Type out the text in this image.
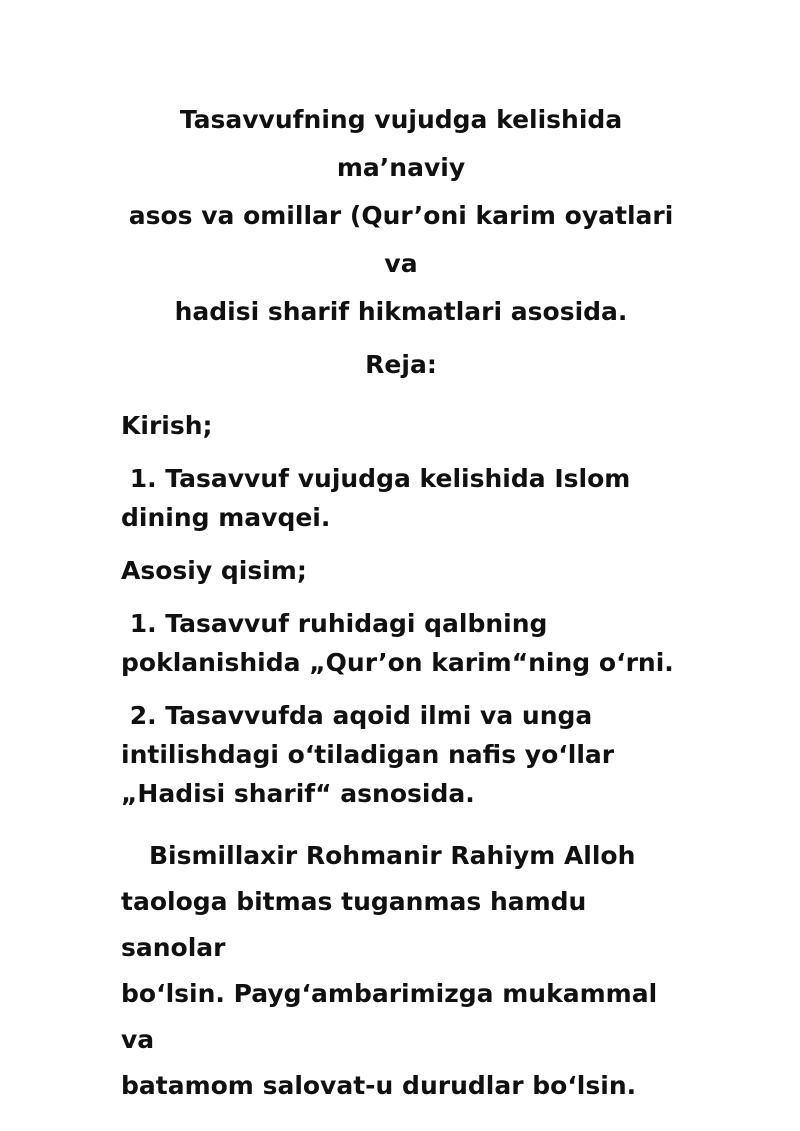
Tasavvufning vujudga kelishida ma’naviy
asos va omillar (Qur’oni karim oyatlari va
hadisi sharif hikmatlari asosida.

Reja:

Kirish;

1. Tasavvuf vujudga kelishida Islom
dining mavqei.

Asosiy qisim;

1. Tasavvuf ruhidagi qalbning
poklanishida „Qur’on karim“ning o‘rni.

2. Tasavvufda aqoid ilmi va unga
intilishdagi o‘tiladigan nafis yo‘llar
„Hadisi sharif“ asnosida.

Bismillaxir Rohmanir Rahiym Alloh
taologa bitmas tuganmas hamdu sanolar
bo‘lsin. Payg‘ambarimizga mukammal va
batamom salovat-u durudlar bo‘lsin.
